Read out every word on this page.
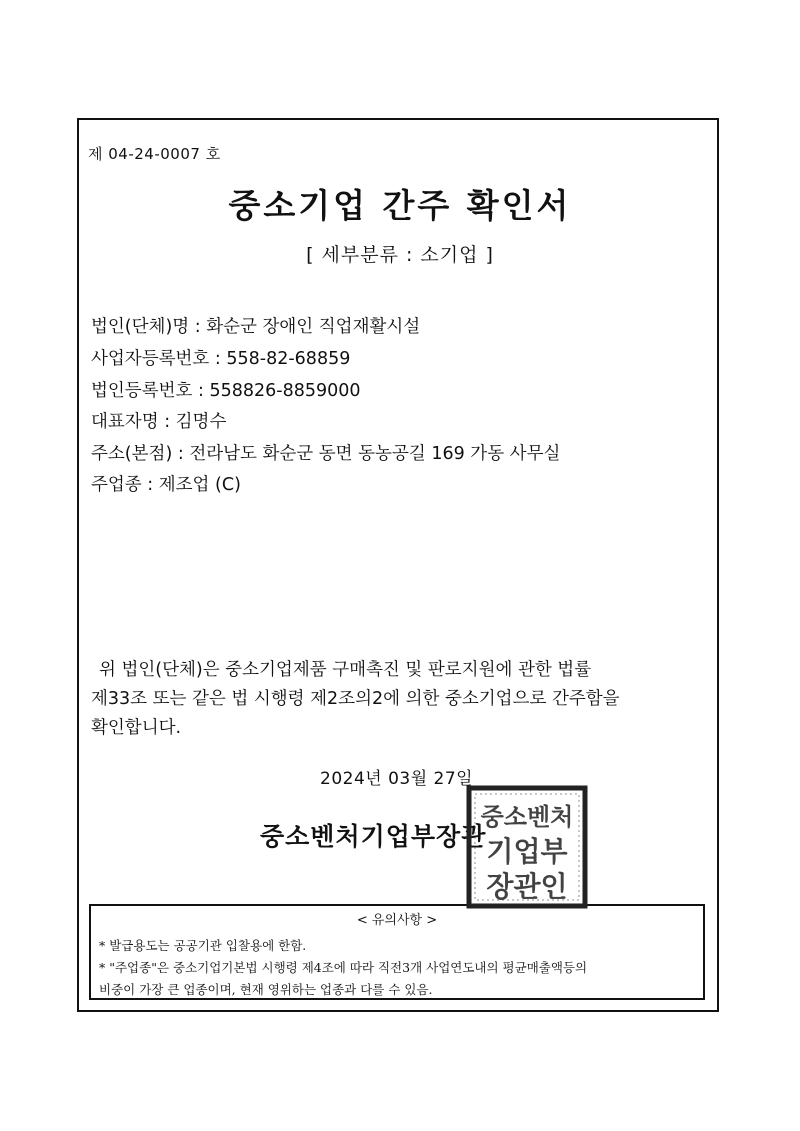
제 04-24-0007 호
중소기업 간주 확인서
[ 세부분류 : 소기업 ]
법인(단체)명 : 화순군 장애인 직업재활시설
사업자등록번호 : 558-82-68859
법인등록번호 : 558826-8859000
대표자명 : 김명수
주소(본점) : 전라남도 화순군 동면 동농공길 169 가동 사무실
주업종 : 제조업 (C)
위 법인(단체)은 중소기업제품 구매촉진 및 판로지원에 관한 법률
제33조 또는 같은 법 시행령 제2조의2에 의한 중소기업으로 간주함을
확인합니다.
2024년 03월 27일
중소벤처기업부장관
중소벤처
기업부
장관인
< 유의사항 >
* 발급용도는 공공기관 입찰용에 한함.
* "주업종"은 중소기업기본법 시행령 제4조에 따라 직전3개 사업연도내의 평균매출액등의
비중이 가장 큰 업종이며, 현재 영위하는 업종과 다를 수 있음.
